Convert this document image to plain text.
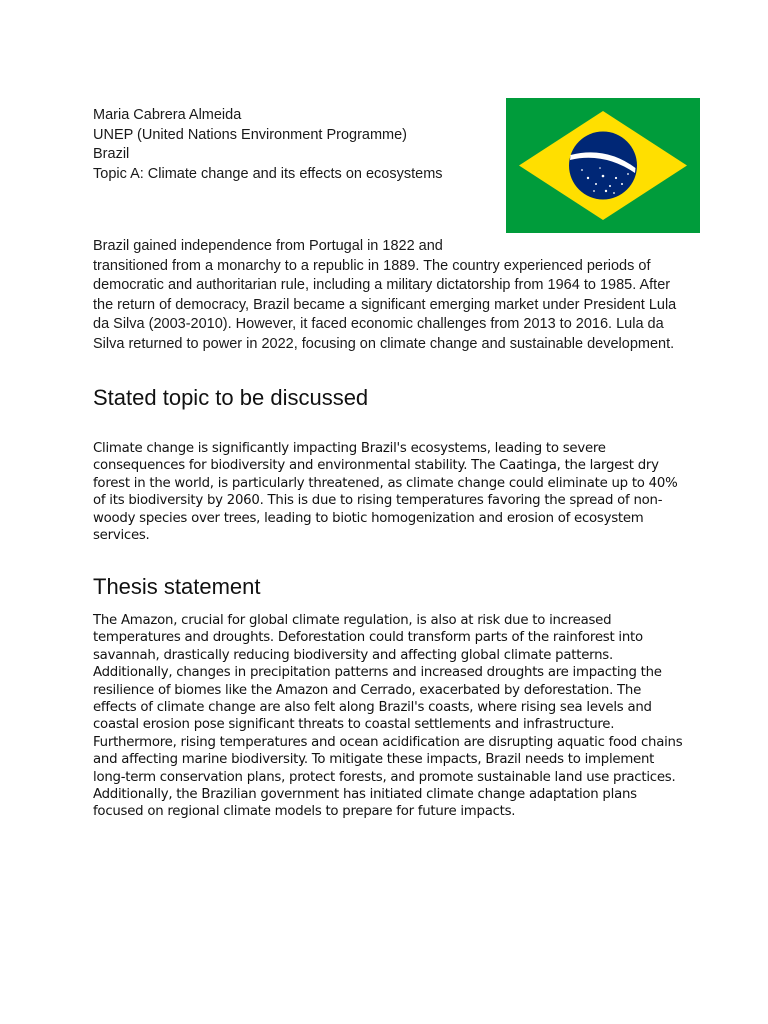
Maria Cabrera Almeida
UNEP (United Nations Environment Programme)
Brazil
Topic A: Climate change and its effects on ecosystems

Brazil gained independence from Portugal in 1822 and
transitioned from a monarchy to a republic in 1889. The country experienced periods of democratic and authoritarian rule, including a military dictatorship from 1964 to 1985. After the return of democracy, Brazil became a significant emerging market under President Lula da Silva (2003-2010). However, it faced economic challenges from 2013 to 2016. Lula da Silva returned to power in 2022, focusing on climate change and sustainable development.

Stated topic to be discussed

Climate change is significantly impacting Brazil's ecosystems, leading to severe consequences for biodiversity and environmental stability. The Caatinga, the largest dry forest in the world, is particularly threatened, as climate change could eliminate up to 40% of its biodiversity by 2060. This is due to rising temperatures favoring the spread of non-woody species over trees, leading to biotic homogenization and erosion of ecosystem services.

Thesis statement

The Amazon, crucial for global climate regulation, is also at risk due to increased temperatures and droughts. Deforestation could transform parts of the rainforest into savannah, drastically reducing biodiversity and affecting global climate patterns. Additionally, changes in precipitation patterns and increased droughts are impacting the resilience of biomes like the Amazon and Cerrado, exacerbated by deforestation. The effects of climate change are also felt along Brazil's coasts, where rising sea levels and coastal erosion pose significant threats to coastal settlements and infrastructure. Furthermore, rising temperatures and ocean acidification are disrupting aquatic food chains and affecting marine biodiversity. To mitigate these impacts, Brazil needs to implement long-term conservation plans, protect forests, and promote sustainable land use practices. Additionally, the Brazilian government has initiated climate change adaptation plans focused on regional climate models to prepare for future impacts.
